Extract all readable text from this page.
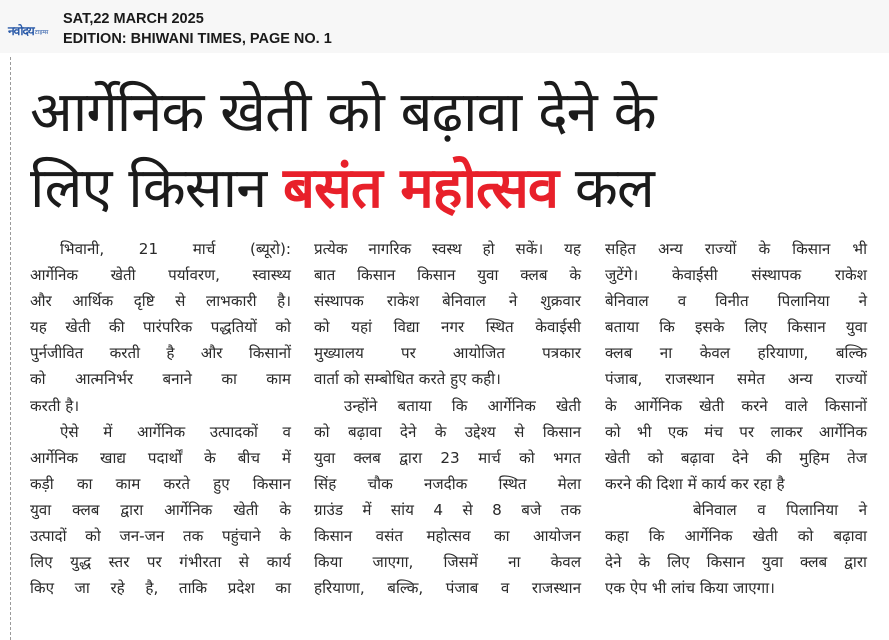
नवोदय टाइम्स
SAT,22 MARCH 2025
EDITION: BHIWANI TIMES, PAGE NO. 1
आर्गेनिक खेती को बढ़ावा देने के
लिए किसान बसंत महोत्सव कल
भिवानी, 21 मार्च (ब्यूरो):
आर्गेनिक खेती पर्यावरण, स्वास्थ्य
और आर्थिक दृष्टि से लाभकारी है।
यह खेती की पारंपरिक पद्धतियों को
पुर्नजीवित करती है और किसानों
को आत्मनिर्भर बनाने का काम
करती है।
ऐसे में आर्गेनिक उत्पादकों व
आर्गेनिक खाद्य पदार्थों के बीच में
कड़ी का काम करते हुए किसान
युवा क्लब द्वारा आर्गेनिक खेती के
उत्पादों को जन-जन तक पहुंचाने के
लिए युद्ध स्तर पर गंभीरता से कार्य
किए जा रहे है, ताकि प्रदेश का
प्रत्येक नागरिक स्वस्थ हो सकें। यह
बात किसान किसान युवा क्लब के
संस्थापक राकेश बेनिवाल ने शुक्रवार
को यहां विद्या नगर स्थित केवाईसी
मुख्यालय पर आयोजित पत्रकार
वार्ता को सम्बोधित करते हुए कही।
उन्होंने बताया कि आर्गेनिक खेती
को बढ़ावा देने के उद्देश्य से किसान
युवा क्लब द्वारा 23 मार्च को भगत
सिंह चौक नजदीक स्थित मेला
ग्राउंड में सांय 4 से 8 बजे तक
किसान वसंत महोत्सव का आयोजन
किया जाएगा, जिसमें ना केवल
हरियाणा, बल्कि, पंजाब व राजस्थान
सहित अन्य राज्यों के किसान भी
जुटेंगे। केवाईसी संस्थापक राकेश
बेनिवाल व विनीत पिलानिया ने
बताया कि इसके लिए किसान युवा
क्लब ना केवल हरियाणा, बल्कि
पंजाब, राजस्थान समेत अन्य राज्यों
के आर्गेनिक खेती करने वाले किसानों
को भी एक मंच पर लाकर आर्गेनिक
खेती को बढ़ावा देने की मुहिम तेज
करने की दिशा में कार्य कर रहा है
बेनिवाल व पिलानिया ने
कहा कि आर्गेनिक खेती को बढ़ावा
देने के लिए किसान युवा क्लब द्वारा
एक ऐप भी लांच किया जाएगा।
